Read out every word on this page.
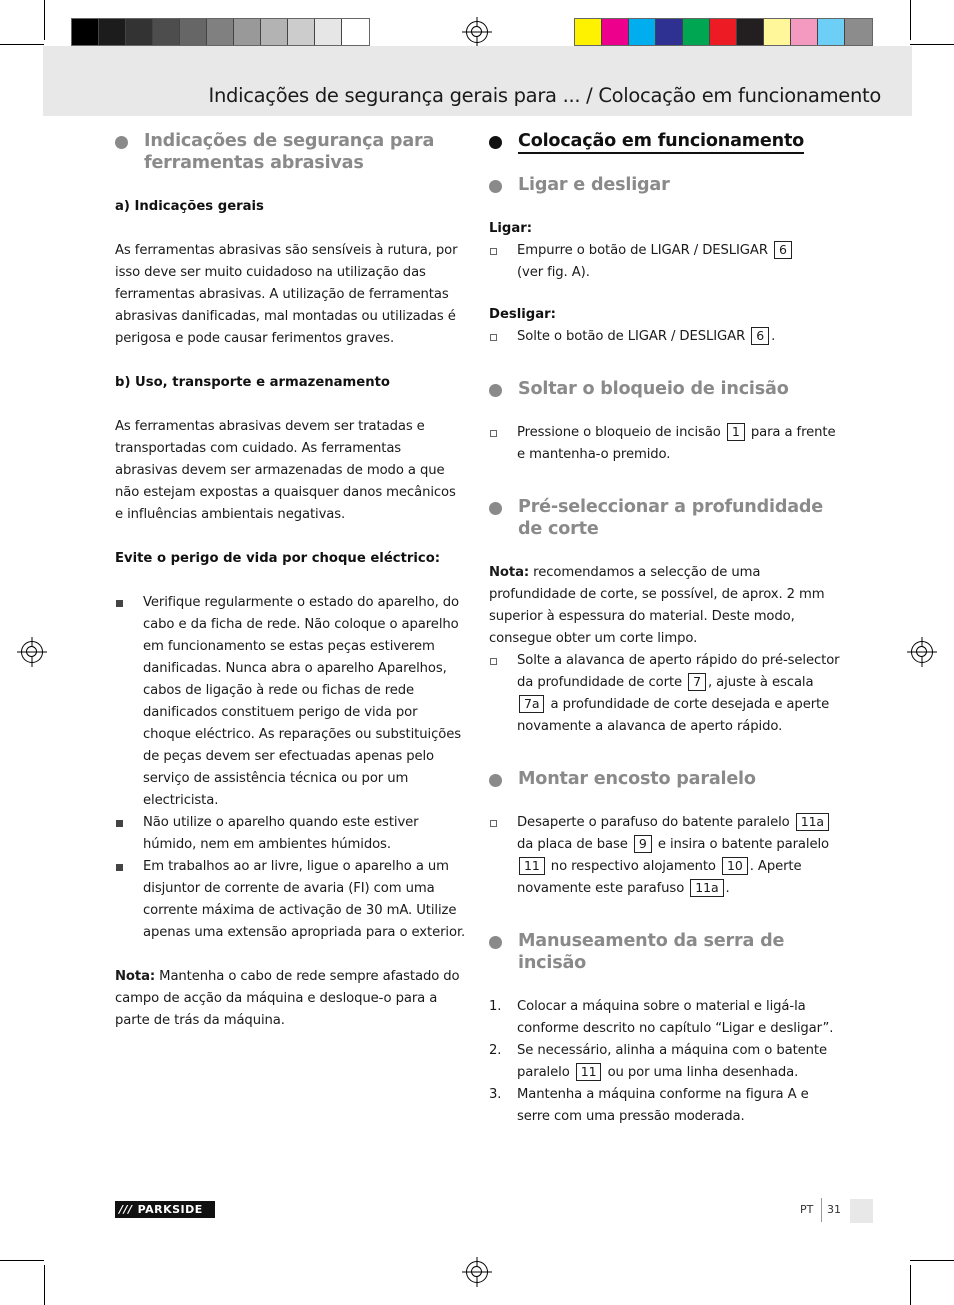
Indicações de segurança gerais para ... / Colocação em funcionamento
Indicações de segurança para ferramentas abrasivas
a) Indicações gerais
As ferramentas abrasivas são sensíveis à rutura, por isso deve ser muito cuidadoso na utilização das ferramentas abrasivas. A utilização de ferramentas abrasivas danificadas, mal montadas ou utilizadas é perigosa e pode causar ferimentos graves.
b) Uso, transporte e armazenamento
As ferramentas abrasivas devem ser tratadas e transportadas com cuidado. As ferramentas abrasivas devem ser armazenadas de modo a que não estejam expostas a quaisquer danos mecânicos e influências ambientais negativas.
Evite o perigo de vida por choque eléctrico:
Verifique regularmente o estado do aparelho, do cabo e da ficha de rede. Não coloque o aparelho em funcionamento se estas peças estiverem danificadas. Nunca abra o aparelho Aparelhos, cabos de ligação à rede ou fichas de rede
danificados constituem perigo de vida por choque eléctrico. As reparações ou substituições de peças devem ser efectuadas apenas pelo serviço de assistência técnica ou por um electricista.
Não utilize o aparelho quando este estiver húmido, nem em ambientes húmidos.
Em trabalhos ao ar livre, ligue o aparelho a um disjuntor de corrente de avaria (FI) com uma corrente máxima de activação de 30 mA. Utilize apenas uma extensão apropriada para o exterior.
Nota: Mantenha o cabo de rede sempre afastado do campo de acção da máquina e desloque-o para a parte de trás da máquina.
Colocação em funcionamento
Ligar e desligar
Ligar:
Empurre o botão de LIGAR / DESLIGAR 6
(ver fig. A).
Desligar:
Solte o botão de LIGAR / DESLIGAR 6 .
Soltar o bloqueio de incisão
Pressione o bloqueio de incisão 1 para a frente e mantenha-o premido.
Pré-seleccionar a profundidade de corte
Nota: recomendamos a selecção de uma profundidade de corte, se possível, de aprox. 2 mm superior à espessura do material. Deste modo, consegue obter um corte limpo.
Solte a alavanca de aperto rápido do pré-selector da profundidade de corte 7 , ajuste à escala 7a a profundidade de corte desejada e aperte novamente a alavanca de aperto rápido.
Montar encosto paralelo
Desaperte o parafuso do batente paralelo 11a da placa de base 9 e insira o batente paralelo 11 no respectivo alojamento 10 . Aperte novamente este parafuso 11a .
Manuseamento da serra de incisão
1. Colocar a máquina sobre o material e ligá-la conforme descrito no capítulo “Ligar e desligar”.
2. Se necessário, alinha a máquina com o batente paralelo 11 ou por uma linha desenhada.
3. Mantenha a máquina conforme na figura A e serre com uma pressão moderada.
/// PARKSIDE	PT 31
